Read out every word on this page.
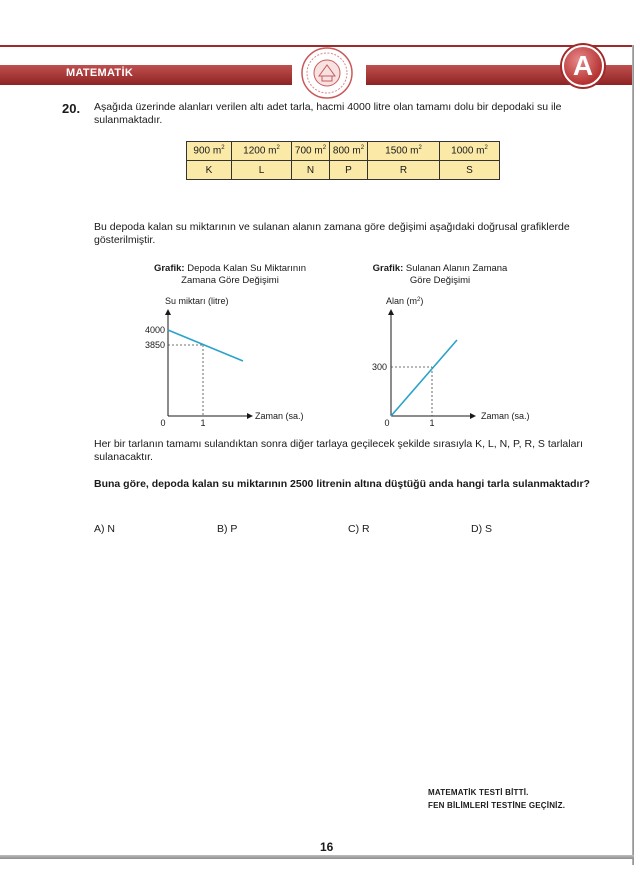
MATEMATİK	A
20. Aşağıda üzerinde alanları verilen altı adet tarla, hacmi 4000 litre olan tamamı dolu bir depodaki su ile sulanmaktadır.
900 $m^2$	1200 $m^2$	700 $m^2$	800 $m^2$	1500 $m^2$	1000 $m^2$
K	L	N	P	R	S
Bu depoda kalan su miktarının ve sulanan alanın zamana göre değişimi aşağıdaki doğrusal grafiklerde gösterilmiştir.
Grafik: Depoda Kalan Su Miktarının
Zamana Göre Değişimi
Grafik: Sulanan Alanın Zamana
Göre Değişimi
Su miktarı (litre)
Zaman (sa.)
0	1
4000
3850
Alan $(m^2)$
Zaman (sa.)
0	1
300
Her bir tarlanın tamamı sulandıktan sonra diğer tarlaya geçilecek şekilde sırasıyla K, L, N, P, R, S tarlaları sulanacaktır.
Buna göre, depoda kalan su miktarının 2500 litrenin altına düştüğü anda hangi tarla sulanmaktadır?
A) N	B) P	C) R	D) S
MATEMATİK TESTİ BİTTİ.
FEN BİLİMLERİ TESTİNE GEÇİNİZ.
16
